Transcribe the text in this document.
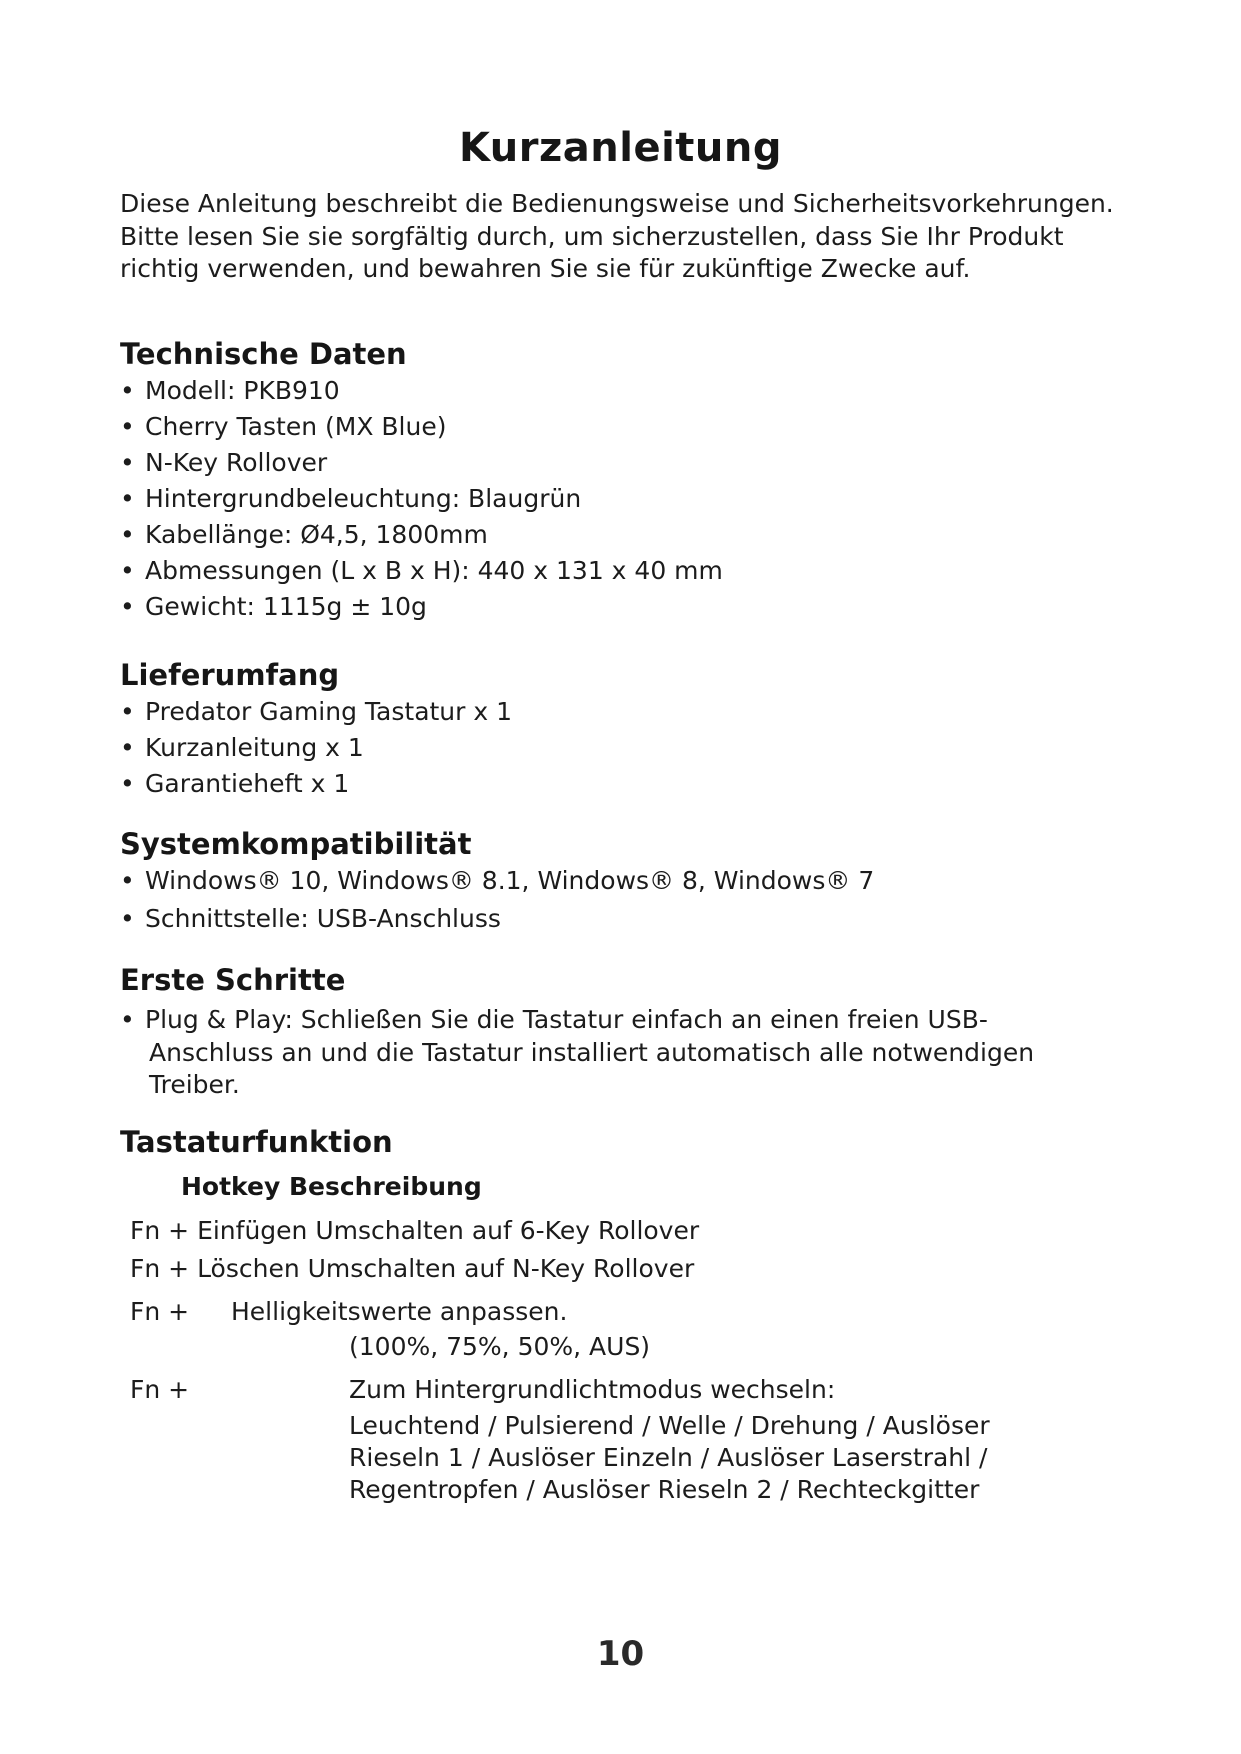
Kurzanleitung

Diese Anleitung beschreibt die Bedienungsweise und Sicherheitsvorkehrungen. Bitte lesen Sie sie sorgfältig durch, um sicherzustellen, dass Sie Ihr Produkt richtig verwenden, und bewahren Sie sie für zukünftige Zwecke auf.

Technische Daten
• Modell: PKB910
• Cherry Tasten (MX Blue)
• N-Key Rollover
• Hintergrundbeleuchtung: Blaugrün
• Kabellänge: Ø4,5, 1800mm
• Abmessungen (L x B x H): 440 x 131 x 40 mm
• Gewicht: 1115g ± 10g
Lieferumfang
• Predator Gaming Tastatur x 1
• Kurzanleitung x 1
• Garantieheft x 1
Systemkompatibilität
• Windows® 10, Windows® 8.1, Windows® 8, Windows® 7
• Schnittstelle: USB-Anschluss
Erste Schritte
• Plug & Play: Schließen Sie die Tastatur einfach an einen freien USB-
Anschluss an und die Tastatur installiert automatisch alle notwendigen
Treiber.
Tastaturfunktion

Hotkey Beschreibung

Fn + Einfügen Umschalten auf 6-Key Rollover

Fn + Löschen Umschalten auf N-Key Rollover

Fn + Helligkeitswerte anpassen.

(100%, 75%, 50%, AUS)

Fn +	Zum Hintergrundlichtmodus wechseln:

Leuchtend / Pulsierend / Welle / Drehung / Auslöser

Rieseln 1 / Auslöser Einzeln / Auslöser Laserstrahl /

Regentropfen / Auslöser Rieseln 2 / Rechteckgitter

10
